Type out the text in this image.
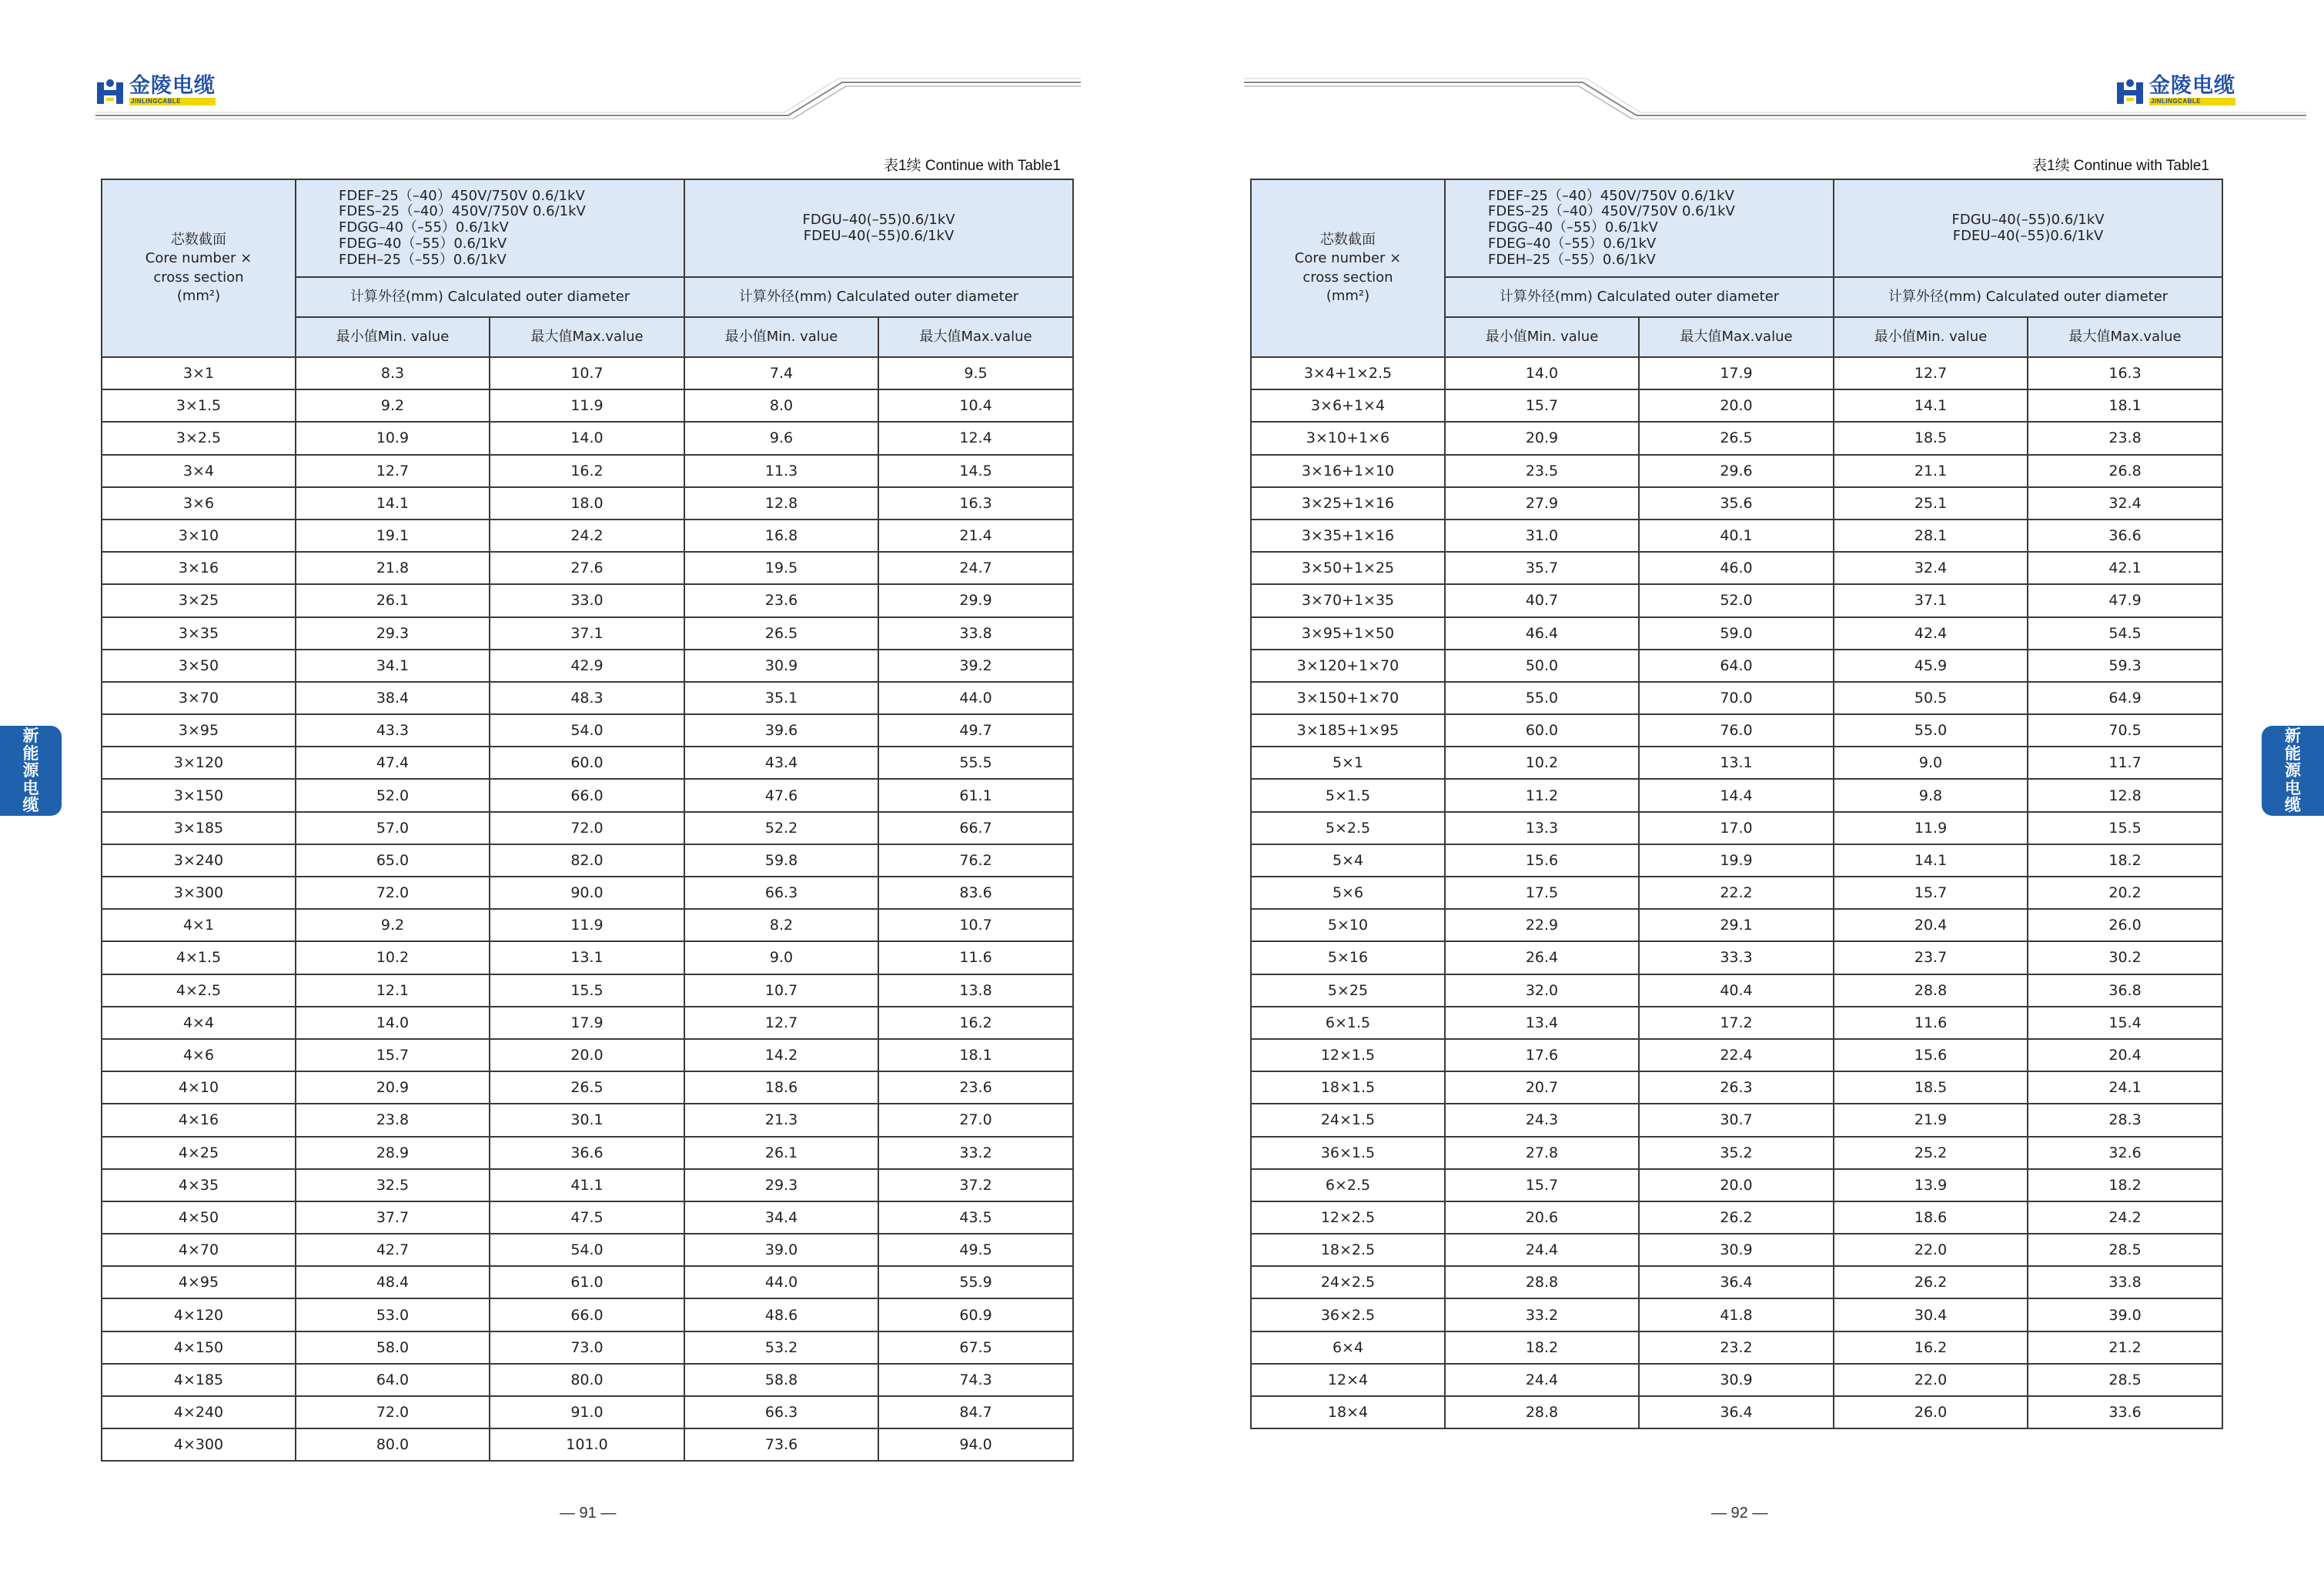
金陵电缆
JINLINGCABLE
表1续 Continue with Table1
芯数截面
Core number ×
cross section
(mm²)	FDEF–25（–40）450V/750V 0.6/1kV
FDES–25（–40）450V/750V 0.6/1kV
FDGG–40（–55）0.6/1kV
FDEG–40（–55）0.6/1kV
FDEH–25（–55）0.6/1kV		FDGU–40(–55)0.6/1kV
FDEU–40(–55)0.6/1kV	

	计算外径(mm) Calculated outer diameter		计算外径(mm) Calculated outer diameter	
	最小值Min. value	最大值Max.value	最小值Min. value	最大值Max.value
3×1	8.3	10.7	7.4	9.5
3×1.5	9.2	11.9	8.0	10.4
3×2.5	10.9	14.0	9.6	12.4
3×4	12.7	16.2	11.3	14.5
3×6	14.1	18.0	12.8	16.3
3×10	19.1	24.2	16.8	21.4
3×16	21.8	27.6	19.5	24.7
3×25	26.1	33.0	23.6	29.9
3×35	29.3	37.1	26.5	33.8
3×50	34.1	42.9	30.9	39.2
3×70	38.4	48.3	35.1	44.0
3×95	43.3	54.0	39.6	49.7
3×120	47.4	60.0	43.4	55.5
3×150	52.0	66.0	47.6	61.1
3×185	57.0	72.0	52.2	66.7
3×240	65.0	82.0	59.8	76.2
3×300	72.0	90.0	66.3	83.6
4×1	9.2	11.9	8.2	10.7
4×1.5	10.2	13.1	9.0	11.6
4×2.5	12.1	15.5	10.7	13.8
4×4	14.0	17.9	12.7	16.2
4×6	15.7	20.0	14.2	18.1
4×10	20.9	26.5	18.6	23.6
4×16	23.8	30.1	21.3	27.0
4×25	28.9	36.6	26.1	33.2
4×35	32.5	41.1	29.3	37.2
4×50	37.7	47.5	34.4	43.5
4×70	42.7	54.0	39.0	49.5
4×95	48.4	61.0	44.0	55.9
4×120	53.0	66.0	48.6	60.9
4×150	58.0	73.0	53.2	67.5
4×185	64.0	80.0	58.8	74.3
4×240	72.0	91.0	66.3	84.7
4×300	80.0	101.0	73.6	94.0
新
能
源
电
缆
— 91 —
金陵电缆
JINLINGCABLE
表1续 Continue with Table1
芯数截面
Core number ×
cross section
(mm²)	FDEF–25（–40）450V/750V 0.6/1kV
FDES–25（–40）450V/750V 0.6/1kV
FDGG–40（–55）0.6/1kV
FDEG–40（–55）0.6/1kV
FDEH–25（–55）0.6/1kV		FDGU–40(–55)0.6/1kV
FDEU–40(–55)0.6/1kV	

	计算外径(mm) Calculated outer diameter		计算外径(mm) Calculated outer diameter	
	最小值Min. value	最大值Max.value	最小值Min. value	最大值Max.value
3×4+1×2.5	14.0	17.9	12.7	16.3
3×6+1×4	15.7	20.0	14.1	18.1
3×10+1×6	20.9	26.5	18.5	23.8
3×16+1×10	23.5	29.6	21.1	26.8
3×25+1×16	27.9	35.6	25.1	32.4
3×35+1×16	31.0	40.1	28.1	36.6
3×50+1×25	35.7	46.0	32.4	42.1
3×70+1×35	40.7	52.0	37.1	47.9
3×95+1×50	46.4	59.0	42.4	54.5
3×120+1×70	50.0	64.0	45.9	59.3
3×150+1×70	55.0	70.0	50.5	64.9
3×185+1×95	60.0	76.0	55.0	70.5
5×1	10.2	13.1	9.0	11.7
5×1.5	11.2	14.4	9.8	12.8
5×2.5	13.3	17.0	11.9	15.5
5×4	15.6	19.9	14.1	18.2
5×6	17.5	22.2	15.7	20.2
5×10	22.9	29.1	20.4	26.0
5×16	26.4	33.3	23.7	30.2
5×25	32.0	40.4	28.8	36.8
6×1.5	13.4	17.2	11.6	15.4
12×1.5	17.6	22.4	15.6	20.4
18×1.5	20.7	26.3	18.5	24.1
24×1.5	24.3	30.7	21.9	28.3
36×1.5	27.8	35.2	25.2	32.6
6×2.5	15.7	20.0	13.9	18.2
12×2.5	20.6	26.2	18.6	24.2
18×2.5	24.4	30.9	22.0	28.5
24×2.5	28.8	36.4	26.2	33.8
36×2.5	33.2	41.8	30.4	39.0
6×4	18.2	23.2	16.2	21.2
12×4	24.4	30.9	22.0	28.5
18×4	28.8	36.4	26.0	33.6
新
能
源
电
缆
— 92 —
